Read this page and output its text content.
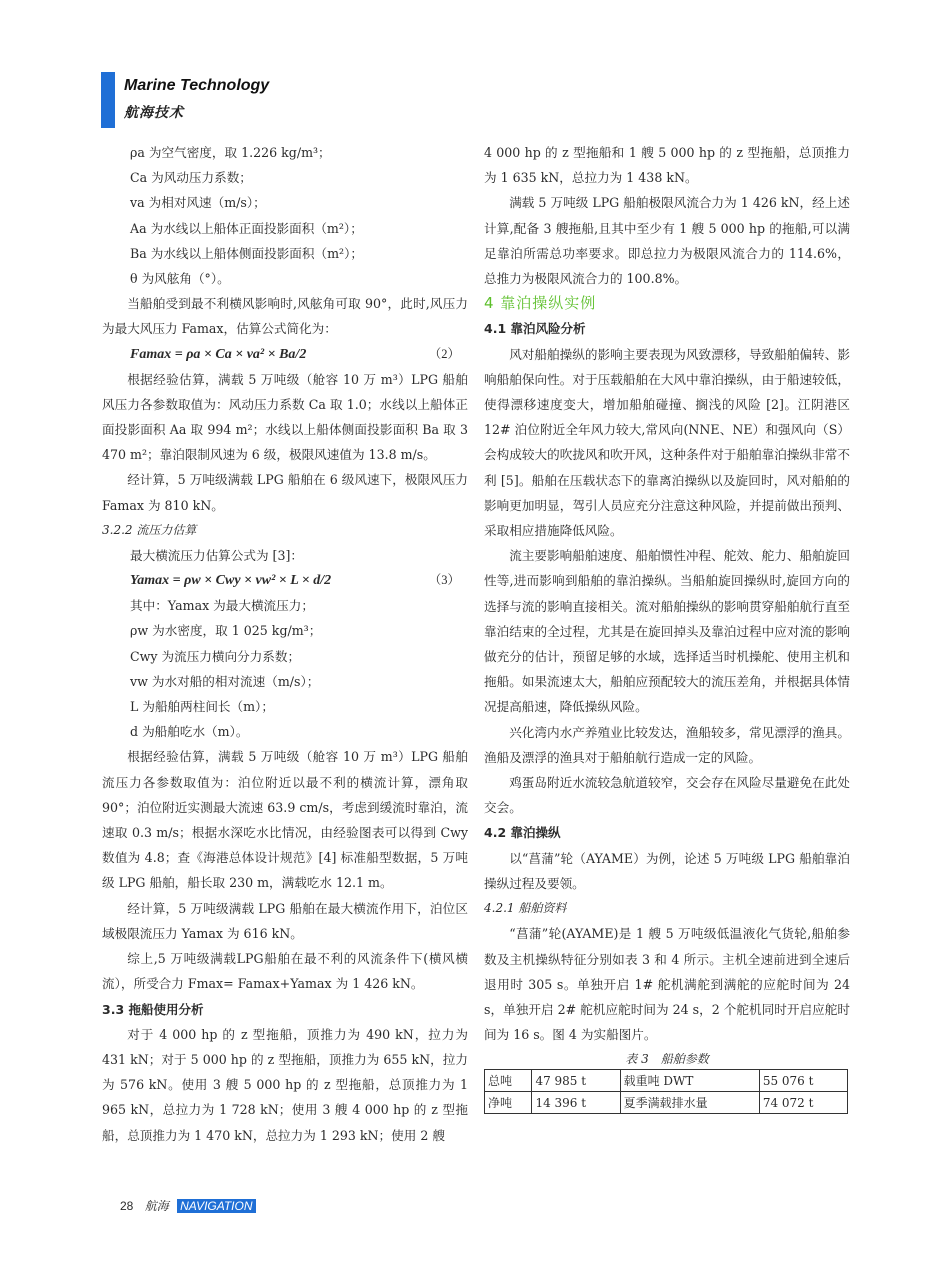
Marine Technology
航海技术
ρa 为空气密度，取 1.226 kg/m³；
Ca 为风动压力系数；
va 为相对风速（m/s）；
Aa 为水线以上船体正面投影面积（m²）；
Ba 为水线以上船体侧面投影面积（m²）；
θ 为风舷角（°）。

当船舶受到最不利横风影响时,风舷角可取 90°，此时,风压力为最大风压力 Famax，估算公式简化为：

Famax = ρa × Ca × va² × Ba/2	（2）

根据经验估算，满载 5 万吨级（舱容 10 万 m³）LPG 船舶风压力各参数取值为：风动压力系数 Ca 取 1.0；水线以上船体正面投影面积 Aa 取 994 m²；水线以上船体侧面投影面积 Ba 取 3 470 m²；靠泊限制风速为 6 级，极限风速值为 13.8 m/s。

经计算，5 万吨级满载 LPG 船舶在 6 级风速下，极限风压力 Famax 为 810 kN。

3.2.2 流压力估算
最大横流压力估算公式为 [3]：
Yamax = ρw × Cwy × vw² × L × d/2	（3）
其中：Yamax 为最大横流压力；
ρw 为水密度，取 1 025 kg/m³；
Cwy 为流压力横向分力系数；
vw 为水对船的相对流速（m/s）；
L 为船舶两柱间长（m）；
d 为船舶吃水（m）。

根据经验估算，满载 5 万吨级（舱容 10 万 m³）LPG 船舶流压力各参数取值为：泊位附近以最不利的横流计算，漂角取 90°；泊位附近实测最大流速 63.9 cm/s，考虑到缓流时靠泊，流速取 0.3 m/s；根据水深吃水比情况，由经验图表可以得到 Cwy 数值为 4.8；查《海港总体设计规范》[4] 标准船型数据，5 万吨级 LPG 船舶，船长取 230 m，满载吃水 12.1 m。

经计算，5 万吨级满载 LPG 船舶在最大横流作用下，泊位区域极限流压力 Yamax 为 616 kN。

综上,5 万吨级满载LPG船舶在最不利的风流条件下(横风横流），所受合力 Fmax= Famax+Yamax 为 1 426 kN。

3.3 拖船使用分析

对于 4 000 hp 的 z 型拖船，顶推力为 490 kN，拉力为 431 kN；对于 5 000 hp 的 z 型拖船，顶推力为 655 kN，拉力为 576 kN。使用 3 艘 5 000 hp 的 z 型拖船，总顶推力为 1 965 kN，总拉力为 1 728 kN；使用 3 艘 4 000 hp 的 z 型拖船，总顶推力为 1 470 kN，总拉力为 1 293 kN；使用 2 艘

4 000 hp 的 z 型拖船和 1 艘 5 000 hp 的 z 型拖船，总顶推力为 1 635 kN，总拉力为 1 438 kN。

满载 5 万吨级 LPG 船舶极限风流合力为 1 426 kN，经上述计算,配备 3 艘拖船,且其中至少有 1 艘 5 000 hp 的拖船,可以满足靠泊所需总功率要求。即总拉力为极限风流合力的 114.6%，总推力为极限风流合力的 100.8%。

4 靠泊操纵实例
4.1 靠泊风险分析

风对船舶操纵的影响主要表现为风致漂移，导致船舶偏转、影响船舶保向性。对于压载船舶在大风中靠泊操纵，由于船速较低，使得漂移速度变大，增加船舶碰撞、搁浅的风险 [2]。江阴港区 12# 泊位附近全年风力较大,常风向(NNE、NE）和强风向（S）会构成较大的吹拢风和吹开风，这种条件对于船舶靠泊操纵非常不利 [5]。船舶在压载状态下的靠离泊操纵以及旋回时，风对船舶的影响更加明显，驾引人员应充分注意这种风险，并提前做出预判、采取相应措施降低风险。

流主要影响船舶速度、船舶惯性冲程、舵效、舵力、船舶旋回性等,进而影响到船舶的靠泊操纵。当船舶旋回操纵时,旋回方向的选择与流的影响直接相关。流对船舶操纵的影响贯穿船舶航行直至靠泊结束的全过程，尤其是在旋回掉头及靠泊过程中应对流的影响做充分的估计，预留足够的水域，选择适当时机操舵、使用主机和拖船。如果流速太大，船舶应预配较大的流压差角，并根据具体情况提高船速，降低操纵风险。

兴化湾内水产养殖业比较发达，渔船较多，常见漂浮的渔具。渔船及漂浮的渔具对于船舶航行造成一定的风险。

鸡蛋岛附近水流较急航道较窄，交会存在风险尽量避免在此处交会。

4.2 靠泊操纵

以“菖蒲”轮（AYAME）为例，论述 5 万吨级 LPG 船舶靠泊操纵过程及要领。

4.2.1 船舶资料

“菖蒲”轮(AYAME)是 1 艘 5 万吨级低温液化气货轮,船舶参数及主机操纵特征分别如表 3 和 4 所示。主机全速前进到全速后退用时 305 s。单独开启 1# 舵机满舵到满舵的应舵时间为 24 s，单独开启 2# 舵机应舵时间为 24 s，2 个舵机同时开启应舵时间为 16 s。图 4 为实船图片。

表 3　船舶参数
总吨	47 985 t	载重吨 DWT	55 076 t
净吨	14 396 t	夏季满载排水量	74 072 t
28 航海 NAVIGATION
